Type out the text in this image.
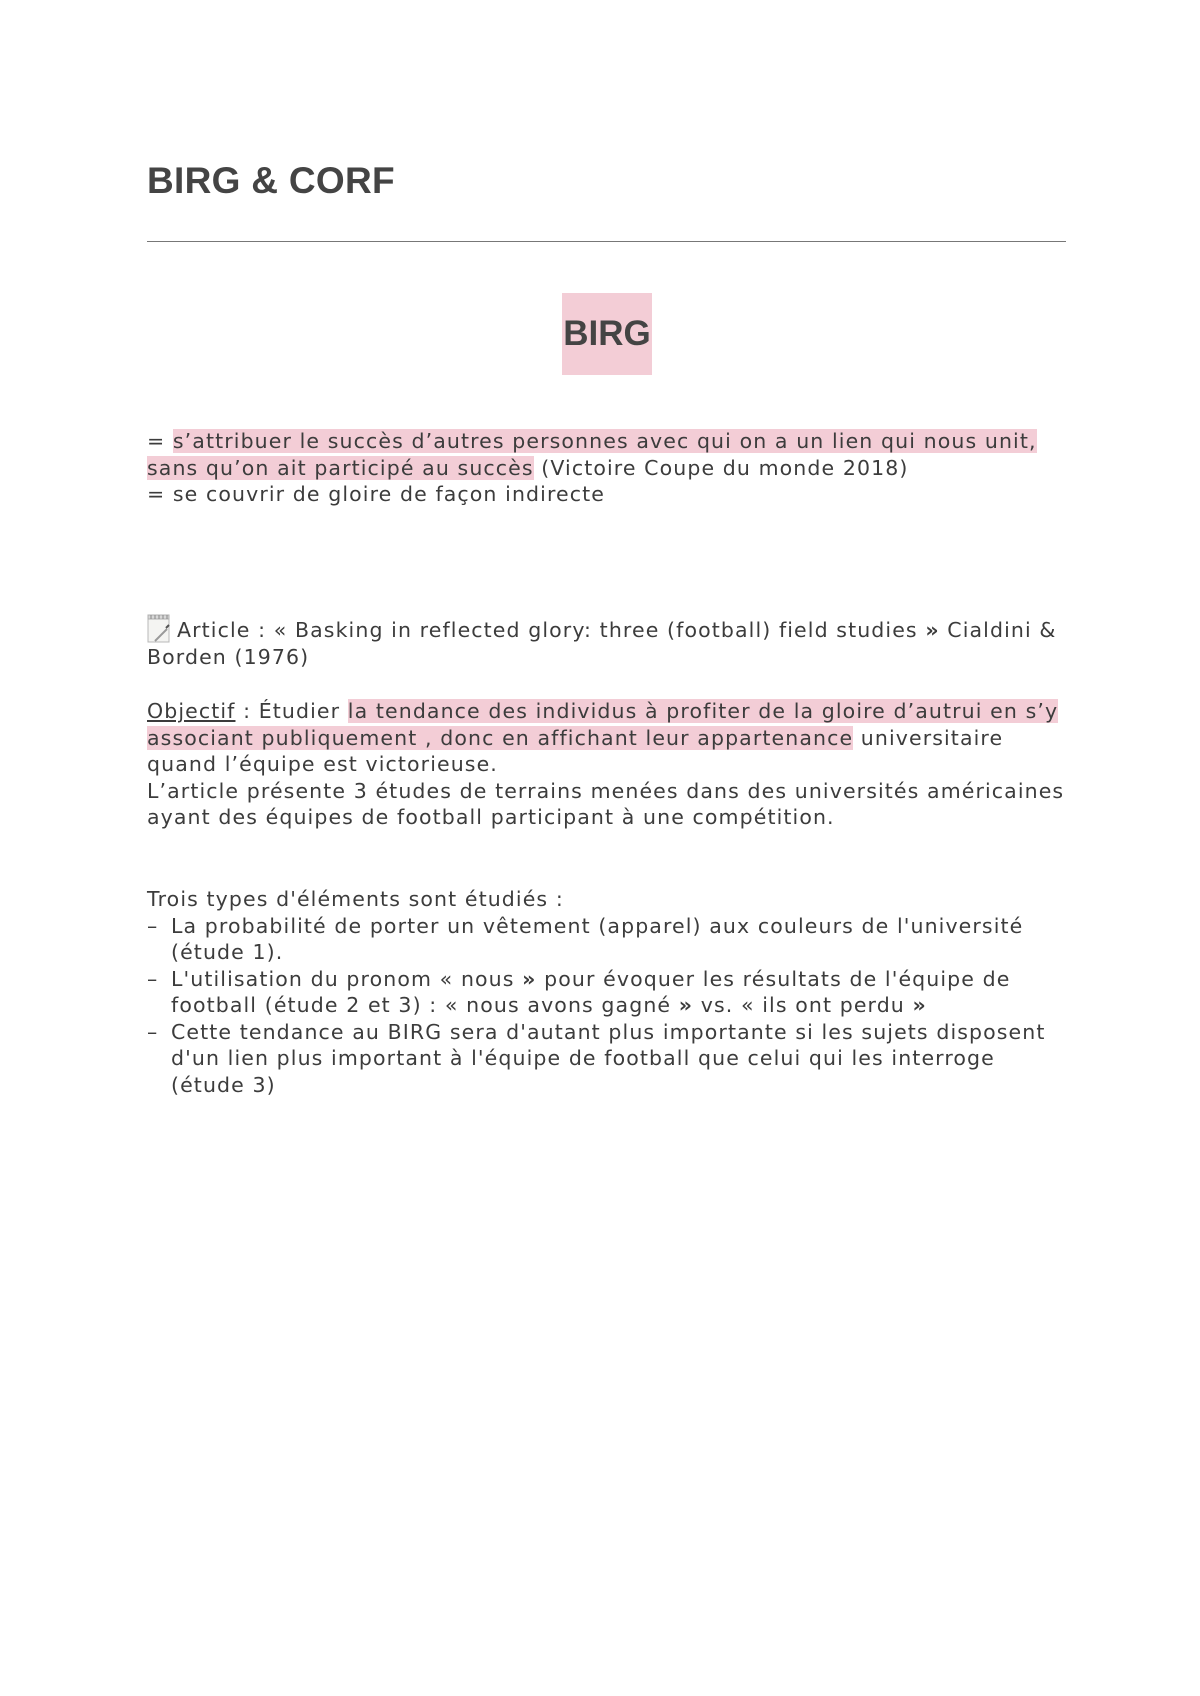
BIRG & CORF
BIRG
= s’attribuer le succès d’autres personnes avec qui on a un lien qui nous unit, sans qu’on ait participé au succès (Victoire Coupe du monde 2018)
= se couvrir de gloire de façon indirecte
Article : « Basking in reflected glory: three (football) field studies » Cialdini & Borden (1976)
Objectif : Étudier la tendance des individus à profiter de la gloire d’autrui en s’y associant publiquement , donc en affichant leur appartenance universitaire quand l’équipe est victorieuse.
L’article présente 3 études de terrains menées dans des universités américaines ayant des équipes de football participant à une compétition.
Trois types d'éléments sont étudiés :
– La probabilité de porter un vêtement (apparel) aux couleurs de l'université (étude 1).
– L'utilisation du pronom « nous » pour évoquer les résultats de l'équipe de football (étude 2 et 3) : « nous avons gagné » vs. « ils ont perdu »
– Cette tendance au BIRG sera d'autant plus importante si les sujets disposent d'un lien plus important à l'équipe de football que celui qui les interroge (étude 3)
